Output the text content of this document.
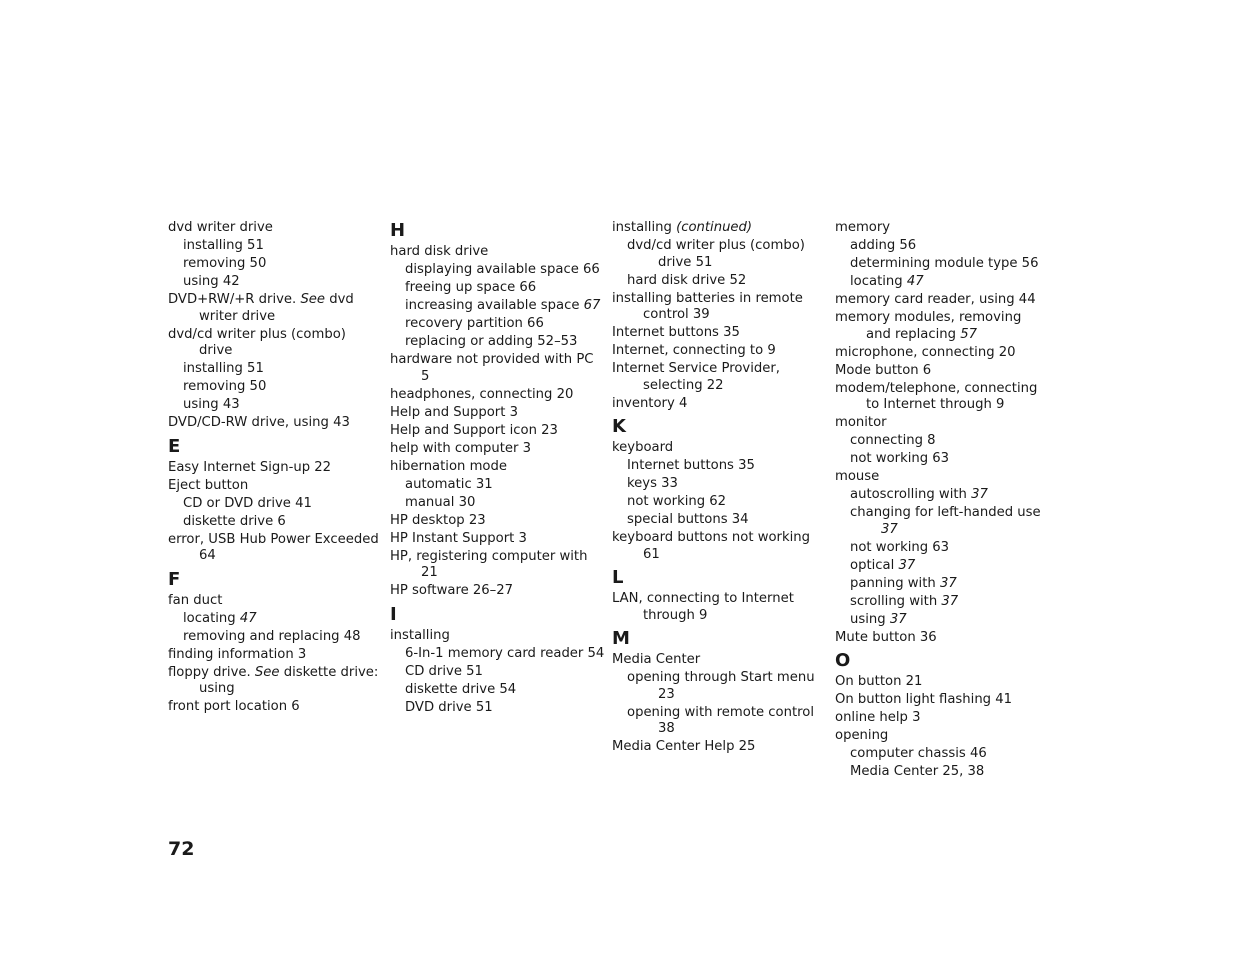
dvd writer drive
installing 51
removing 50
using 42
DVD+RW/+R drive. See dvd writer drive
dvd/cd writer plus (combo) drive
installing 51
removing 50
using 43
DVD/CD-RW drive, using 43
E
Easy Internet Sign-up 22
Eject button
CD or DVD drive 41
diskette drive 6
error, USB Hub Power Exceeded 64
F
fan duct
locating 47
removing and replacing 48
finding information 3
floppy drive. See diskette drive: using
front port location 6
H
hard disk drive
displaying available space 66
freeing up space 66
increasing available space 67
recovery partition 66
replacing or adding 52–53
hardware not provided with PC 5
headphones, connecting 20
Help and Support 3
Help and Support icon 23
help with computer 3
hibernation mode
automatic 31
manual 30
HP desktop 23
HP Instant Support 3
HP, registering computer with 21
HP software 26–27
I
installing
6-In-1 memory card reader 54
CD drive 51
diskette drive 54
DVD drive 51
installing (continued)
dvd/cd writer plus (combo) drive 51
hard disk drive 52
installing batteries in remote control 39
Internet buttons 35
Internet, connecting to 9
Internet Service Provider, selecting 22
inventory 4
K
keyboard
Internet buttons 35
keys 33
not working 62
special buttons 34
keyboard buttons not working 61
L
LAN, connecting to Internet through 9
M
Media Center
opening through Start menu 23
opening with remote control 38
Media Center Help 25
memory
adding 56
determining module type 56
locating 47
memory card reader, using 44
memory modules, removing and replacing 57
microphone, connecting 20
Mode button 6
modem/telephone, connecting to Internet through 9
monitor
connecting 8
not working 63
mouse
autoscrolling with 37
changing for left-handed use 37
not working 63
optical 37
panning with 37
scrolling with 37
using 37
Mute button 36
O
On button 21
On button light flashing 41
online help 3
opening
computer chassis 46
Media Center 25, 38
72
